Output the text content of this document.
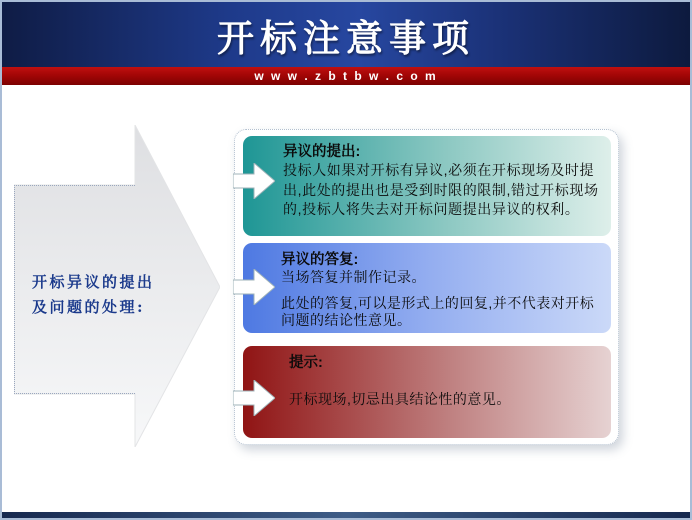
开标注意事项
w w w . z b t b w . c o m
开标异议的提出
及问题的处理:
异议的提出:

投标人如果对开标有异议,必须在开标现场及时提出,此处的提出也是受到时限的限制,错过开标现场的,投标人将失去对开标问题提出异议的权利。

异议的答复:

当场答复并制作记录。

此处的答复,可以是形式上的回复,并不代表对开标问题的结论性意见。

提示:

开标现场,切忌出具结论性的意见。
